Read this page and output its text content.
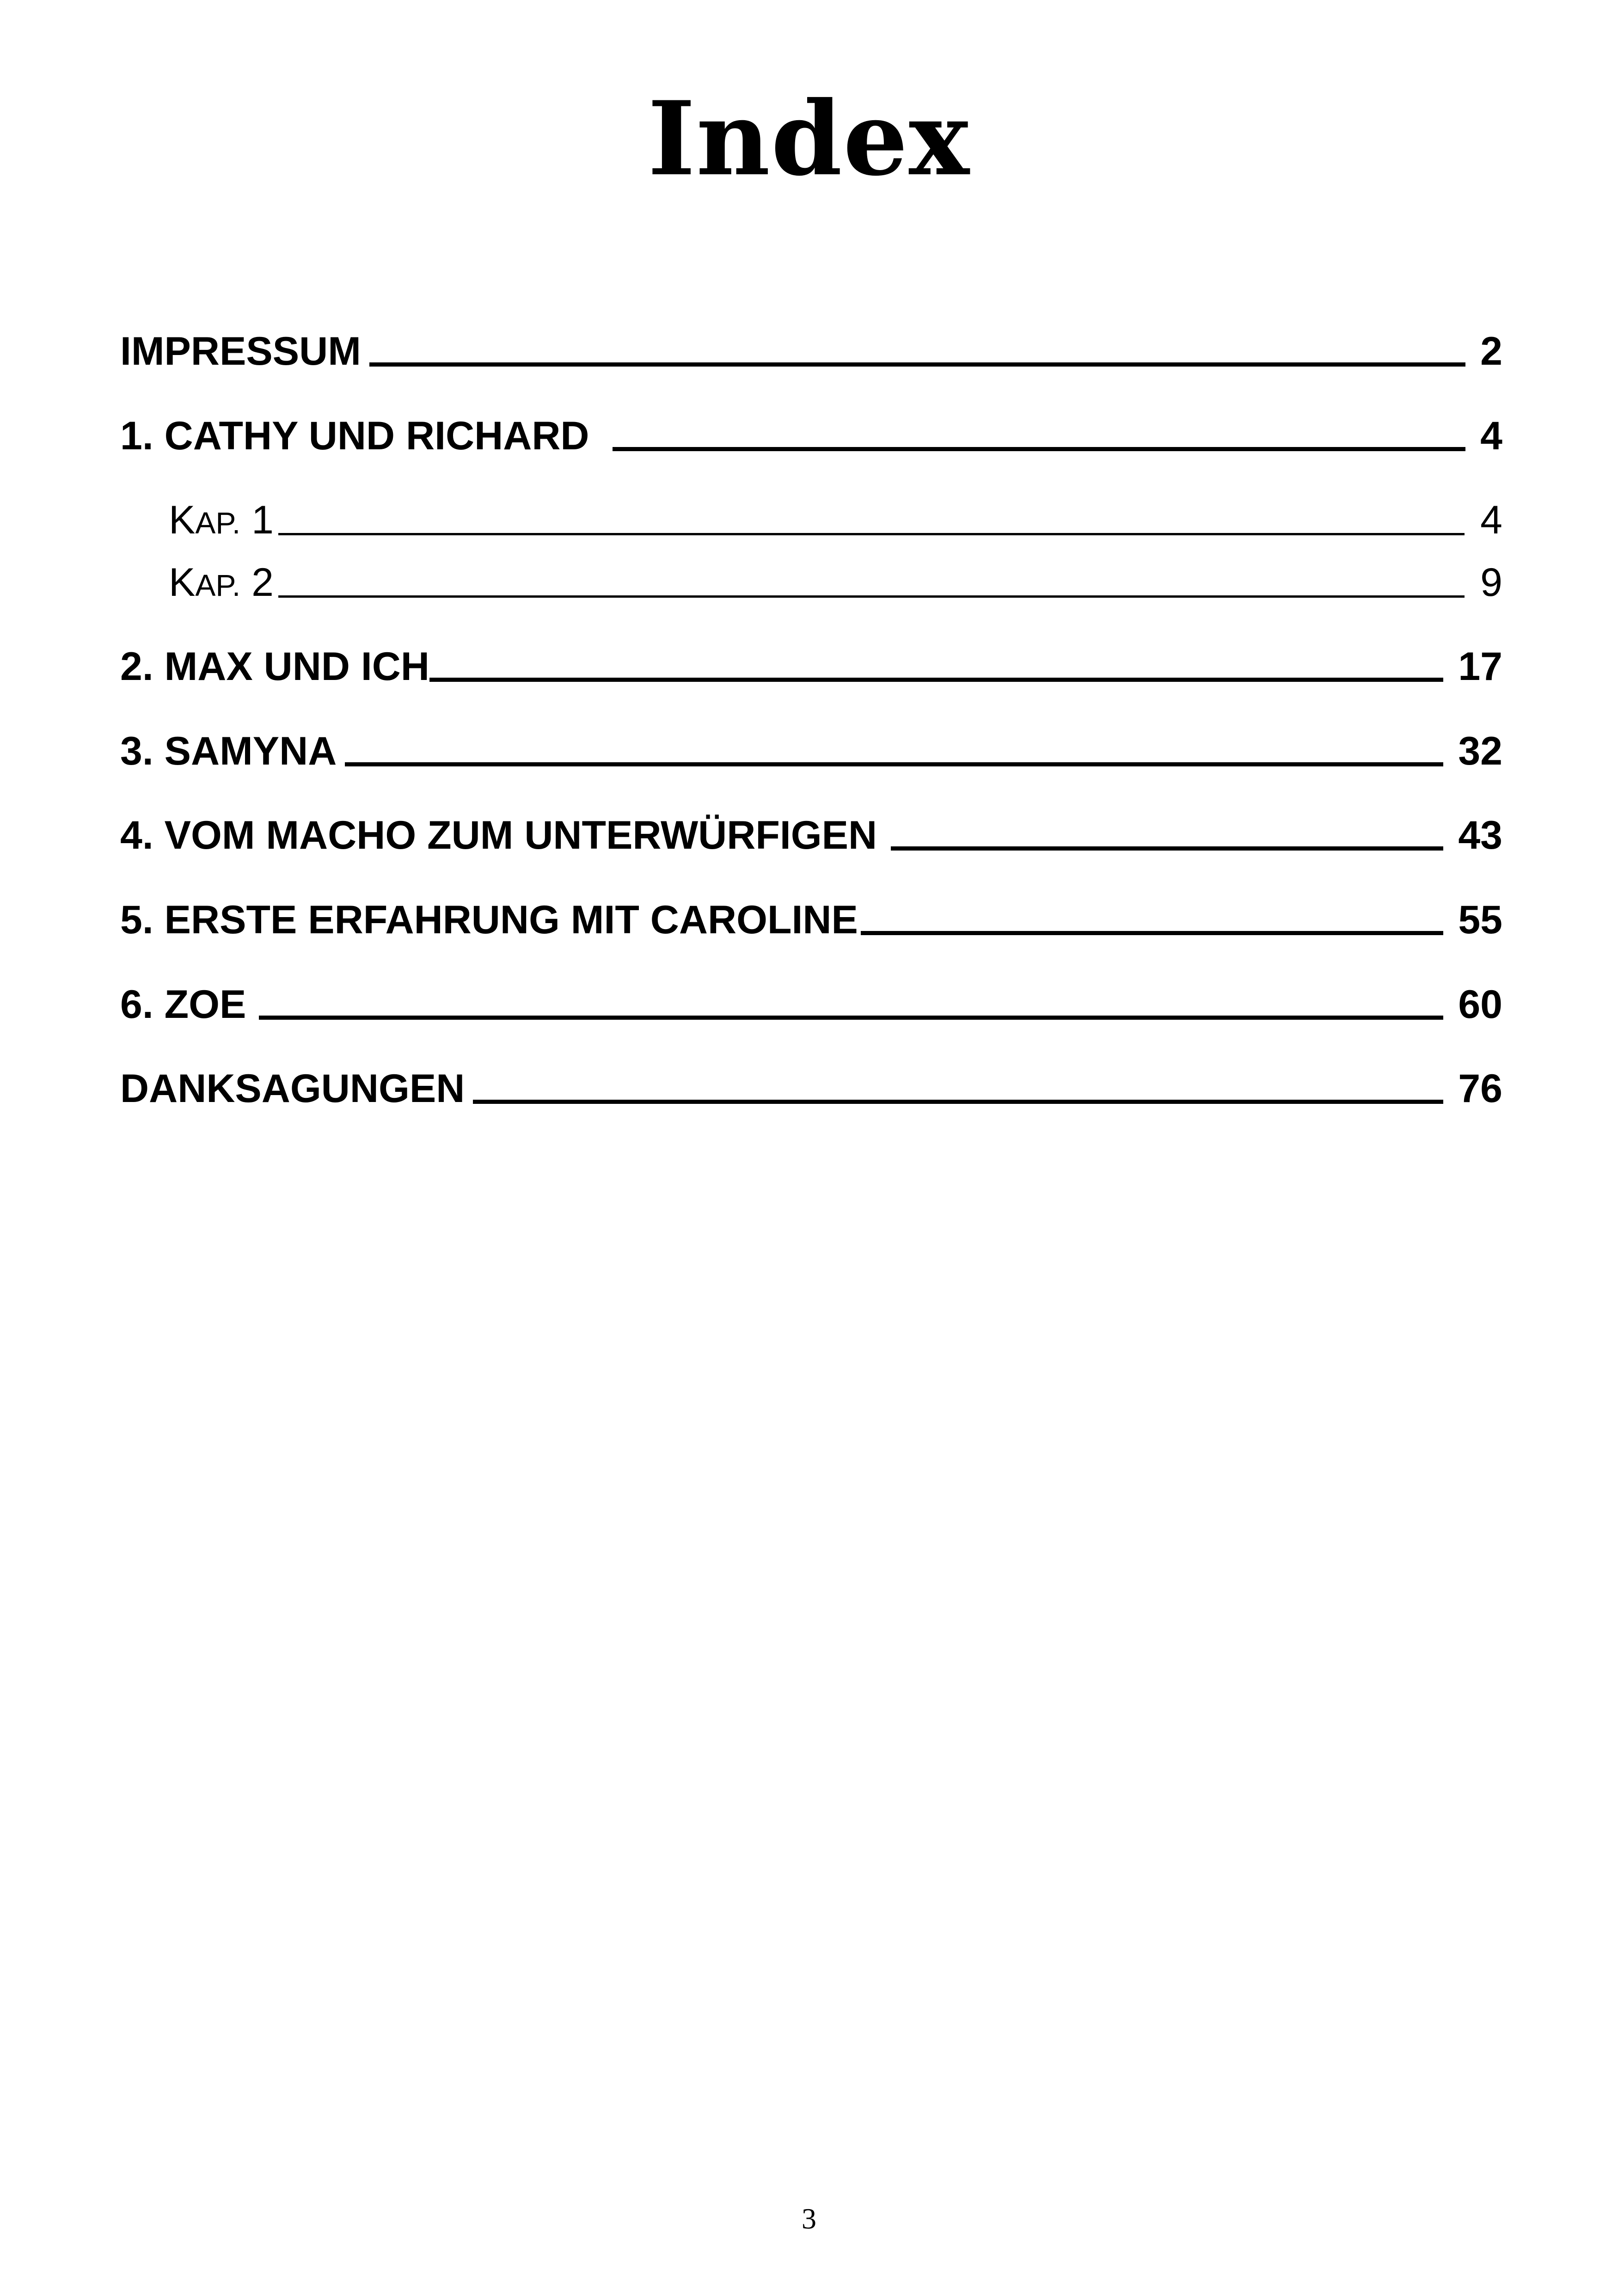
Index
IMPRESSUM	2
1. CATHY UND RICHARD	4
KAP. 1	4
KAP. 2	9
2. MAX UND ICH	17
3. SAMYNA	32
4. VOM MACHO ZUM UNTERWÜRFIGEN	43
5. ERSTE ERFAHRUNG MIT CAROLINE	55
6. ZOE	60
DANKSAGUNGEN	76
3
